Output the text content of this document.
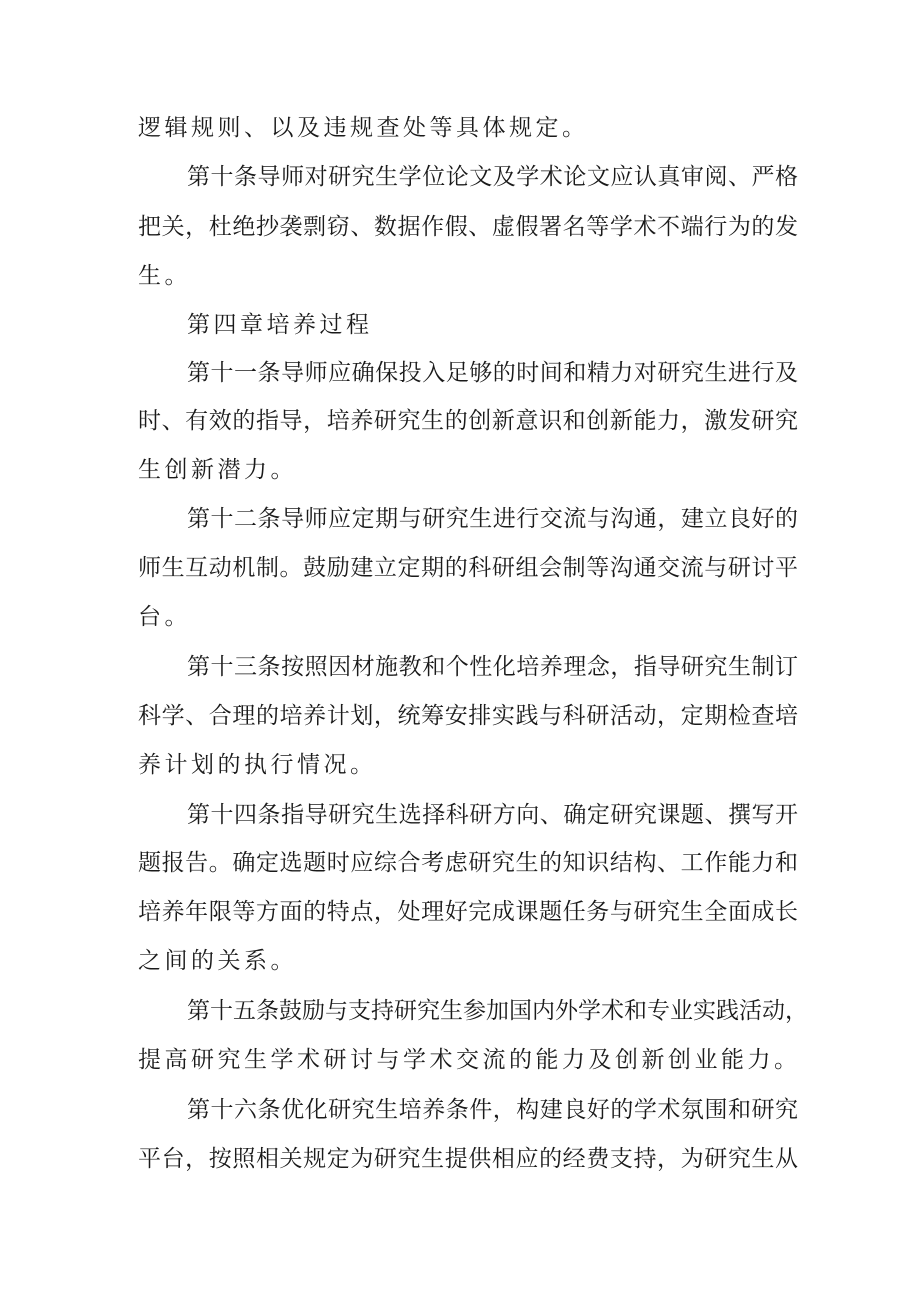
逻辑规则、以及违规查处等具体规定。
第十条导师对研究生学位论文及学术论文应认真审阅、严格
把关，杜绝抄袭剽窃、数据作假、虚假署名等学术不端行为的发
生。
第四章培养过程
第十一条导师应确保投入足够的时间和精力对研究生进行及
时、有效的指导，培养研究生的创新意识和创新能力，激发研究
生创新潜力。
第十二条导师应定期与研究生进行交流与沟通，建立良好的
师生互动机制。鼓励建立定期的科研组会制等沟通交流与研讨平
台。
第十三条按照因材施教和个性化培养理念，指导研究生制订
科学、合理的培养计划，统筹安排实践与科研活动，定期检查培
养计划的执行情况。
第十四条指导研究生选择科研方向、确定研究课题、撰写开
题报告。确定选题时应综合考虑研究生的知识结构、工作能力和
培养年限等方面的特点，处理好完成课题任务与研究生全面成长
之间的关系。
第十五条鼓励与支持研究生参加国内外学术和专业实践活动，
提高研究生学术研讨与学术交流的能力及创新创业能力。
第十六条优化研究生培养条件，构建良好的学术氛围和研究
平台，按照相关规定为研究生提供相应的经费支持，为研究生从
